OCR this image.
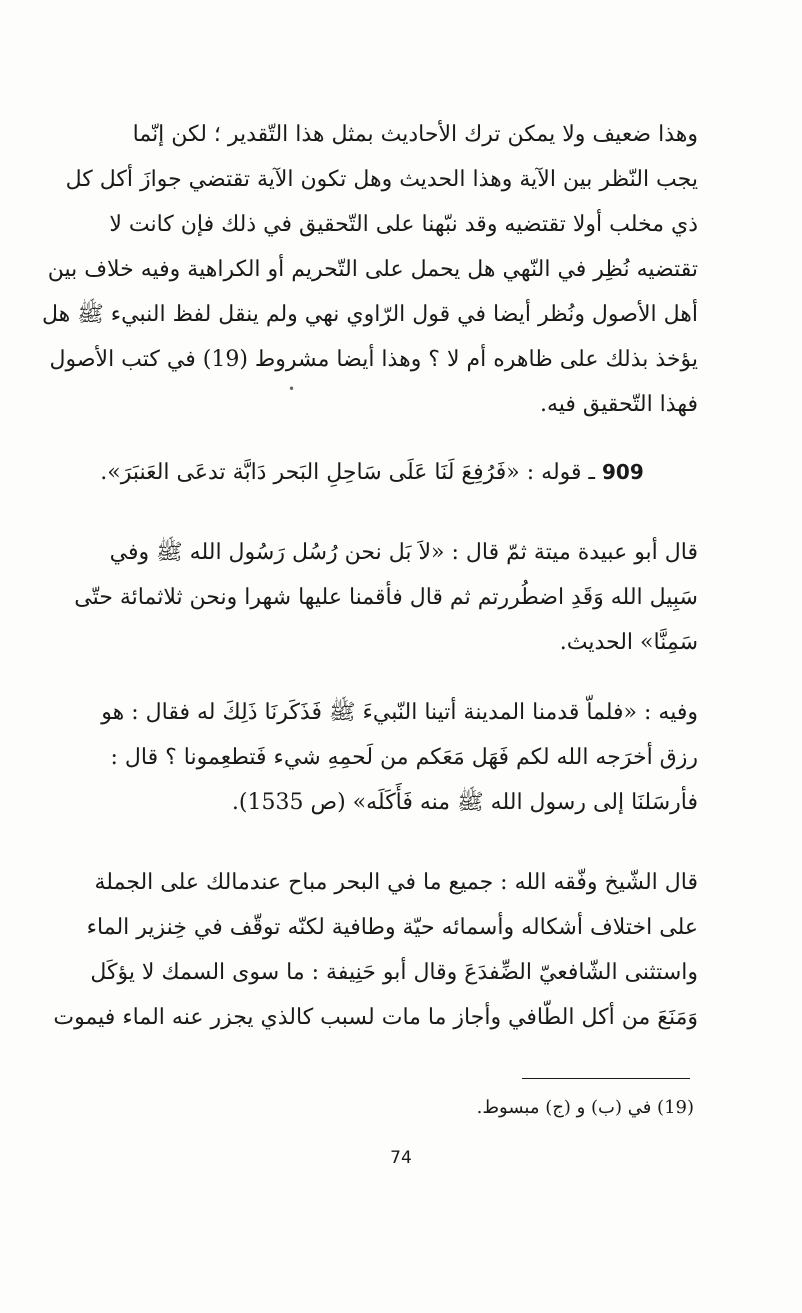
وهذا ضعيف ولا يمكن ترك الأحاديث بمثل هذا التّقدير ؛ لكن إنّما
يجب النّظر بين الآية وهذا الحديث وهل تكون الآية تقتضي جوازَ أكل كل
ذي مخلب أولا تقتضيه وقد نبّهنا على التّحقيق في ذلك فإن كانت لا
تقتضيه نُظِر في النّهي هل يحمل على التّحريم أو الكراهية وفيه خلاف بين
أهل الأصول ونُظر أيضا في قول الرّاوي نهي ولم ينقل لفظ النبيء ﷺ هل
يؤخذ بذلك على ظاهره أم لا ؟ وهذا أيضا مشروط (19) في كتب الأصول
فهذا التّحقيق فيه.
•
909 ـ قوله : «فَرُفِعَ لَنَا عَلَى سَاحِلِ البَحر دَابَّة تدعَى العَنبَرَ».
قال أبو عبيدة ميتة ثمّ قال : «لاَ بَل نحن رُسُل رَسُول الله ﷺ وفي
سَبِيل الله وَقَدِ اضطُررتم ثم قال فأقمنا عليها شهرا ونحن ثلاثمائة حتّى
سَمِنَّا» الحديث.
وفيه : «فلماّ قدمنا المدينة أتينا النّبيءَ ﷺ فَذَكَرنَا ذَلِكَ له فقال : هو
رزق أخرَجه الله لكم فَهَل مَعَكم من لَحمِهِ شيء فَتطعِمونا ؟ قال :
فأرسَلنَا إلى رسول الله ﷺ منه فَأَكَلَه» (ص 1535).
قال الشّيخ وفّقه الله : جميع ما في البحر مباح عندمالك على الجملة
على اختلاف أشكاله وأسمائه حيّة وطافية لكنّه توقّف في خِنزير الماء
واستثنى الشّافعيّ الضِّفدَعَ وقال أبو حَنِيفة : ما سوى السمك لا يؤكَل
وَمَنَعَ من أكل الطّافي وأجاز ما مات لسبب كالذي يجزر عنه الماء فيموت
(19) في (ب) و (ج) مبسوط.
74
